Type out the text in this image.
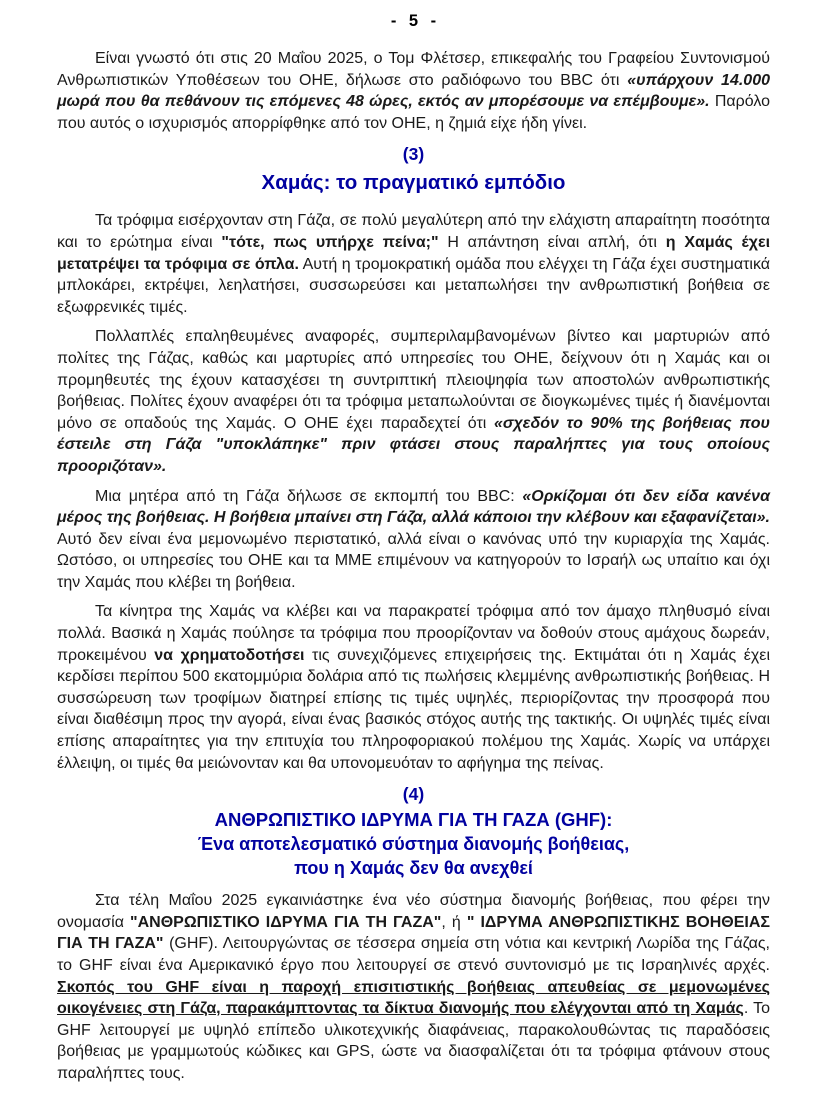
- 5 -

Είναι γνωστό ότι στις 20 Μαΐου 2025, ο Τομ Φλέτσερ, επικεφαλής του Γραφείου Συντονισμού Ανθρωπιστικών Υποθέσεων του ΟΗΕ, δήλωσε στο ραδιόφωνο του BBC ότι «υπάρχουν 14.000 μωρά που θα πεθάνουν τις επόμενες 48 ώρες, εκτός αν μπορέσουμε να επέμβουμε». Παρόλο που αυτός ο ισχυρισμός απορρίφθηκε από τον ΟΗΕ, η ζημιά είχε ήδη γίνει.

(3)
Χαμάς: το πραγματικό εμπόδιο

Τα τρόφιμα εισέρχονταν στη Γάζα, σε πολύ μεγαλύτερη από την ελάχιστη απαραίτητη ποσότητα και το ερώτημα είναι "τότε, πως υπήρχε πείνα;" Η απάντηση είναι απλή, ότι η Χαμάς έχει μετατρέψει τα τρόφιμα σε όπλα. Αυτή η τρομοκρατική ομάδα που ελέγχει τη Γάζα έχει συστηματικά μπλοκάρει, εκτρέψει, λεηλατήσει, συσσωρεύσει και μεταπωλήσει την ανθρωπιστική βοήθεια σε εξωφρενικές τιμές.

Πολλαπλές επαληθευμένες αναφορές, συμπεριλαμβανομένων βίντεο και μαρτυριών από πολίτες της Γάζας, καθώς και μαρτυρίες από υπηρεσίες του ΟΗΕ, δείχνουν ότι η Χαμάς και οι προμηθευτές της έχουν κατασχέσει τη συντριπτική πλειοψηφία των αποστολών ανθρωπιστικής βοήθειας. Πολίτες έχουν αναφέρει ότι τα τρόφιμα μεταπωλούνται σε διογκωμένες τιμές ή διανέμονται μόνο σε οπαδούς της Χαμάς. Ο ΟΗΕ έχει παραδεχτεί ότι «σχεδόν το 90% της βοήθειας που έστειλε στη Γάζα "υποκλάπηκε" πριν φτάσει στους παραλήπτες για τους οποίους προοριζόταν».

Μια μητέρα από τη Γάζα δήλωσε σε εκπομπή του BBC: «Ορκίζομαι ότι δεν είδα κανένα μέρος της βοήθειας. Η βοήθεια μπαίνει στη Γάζα, αλλά κάποιοι την κλέβουν και εξαφανίζεται». Αυτό δεν είναι ένα μεμονωμένο περιστατικό, αλλά είναι ο κανόνας υπό την κυριαρχία της Χαμάς. Ωστόσο, οι υπηρεσίες του ΟΗΕ και τα ΜΜΕ επιμένουν να κατηγορούν το Ισραήλ ως υπαίτιο και όχι την Χαμάς που κλέβει τη βοήθεια.

Τα κίνητρα της Χαμάς να κλέβει και να παρακρατεί τρόφιμα από τον άμαχο πληθυσμό είναι πολλά. Βασικά η Χαμάς πούλησε τα τρόφιμα που προορίζονταν να δοθούν στους αμάχους δωρεάν, προκειμένου να χρηματοδοτήσει τις συνεχιζόμενες επιχειρήσεις της. Εκτιμάται ότι η Χαμάς έχει κερδίσει περίπου 500 εκατομμύρια δολάρια από τις πωλήσεις κλεμμένης ανθρωπιστικής βοήθειας. Η συσσώρευση των τροφίμων διατηρεί επίσης τις τιμές υψηλές, περιορίζοντας την προσφορά που είναι διαθέσιμη προς την αγορά, είναι ένας βασικός στόχος αυτής της τακτικής. Οι υψηλές τιμές είναι επίσης απαραίτητες για την επιτυχία του πληροφοριακού πολέμου της Χαμάς. Χωρίς να υπάρχει έλλειψη, οι τιμές θα μειώνονταν και θα υπονομευόταν το αφήγημα της πείνας.

(4)
ΑΝΘΡΩΠΙΣΤΙΚΟ ΙΔΡΥΜΑ ΓΙΑ ΤΗ ΓΑΖΑ (GHF):
Ένα αποτελεσματικό σύστημα διανομής βοήθειας,
που η Χαμάς δεν θα ανεχθεί

Στα τέλη Μαΐου 2025 εγκαινιάστηκε ένα νέο σύστημα διανομής βοήθειας, που φέρει την ονομασία "ΑΝΘΡΩΠΙΣΤΙΚΟ ΙΔΡΥΜΑ ΓΙΑ ΤΗ ΓΑΖΑ", ή " ΙΔΡΥΜΑ ΑΝΘΡΩΠΙΣΤΙΚΗΣ ΒΟΗΘΕΙΑΣ ΓΙΑ ΤΗ ΓΑΖΑ" (GHF). Λειτουργώντας σε τέσσερα σημεία στη νότια και κεντρική Λωρίδα της Γάζας, το GHF είναι ένα Αμερικανικό έργο που λειτουργεί σε στενό συντονισμό με τις Ισραηλινές αρχές. Σκοπός του GHF είναι η παροχή επισιτιστικής βοήθειας απευθείας σε μεμονωμένες οικογένειες στη Γάζα, παρακάμπτοντας τα δίκτυα διανομής που ελέγχονται από τη Χαμάς. Το GHF λειτουργεί με υψηλό επίπεδο υλικοτεχνικής διαφάνειας, παρακολουθώντας τις παραδόσεις βοήθειας με γραμμωτούς κώδικες και GPS, ώστε να διασφαλίζεται ότι τα τρόφιμα φτάνουν στους παραλήπτες τους.
